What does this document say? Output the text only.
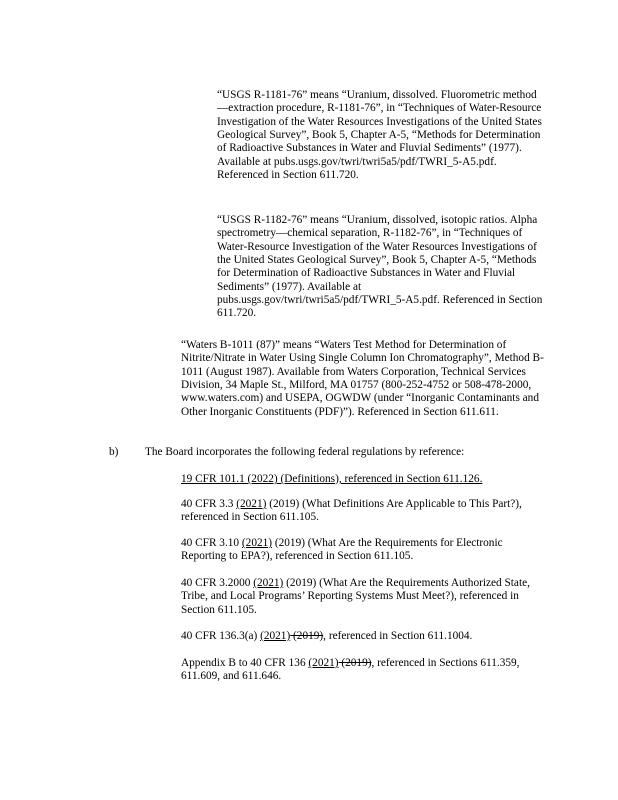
“USGS R-1181-76” means “Uranium, dissolved. Fluorometric method—extraction procedure, R-1181-76”, in “Techniques of Water-Resource Investigation of the Water Resources Investigations of the United States Geological Survey”, Book 5, Chapter A-5, “Methods for Determination of Radioactive Substances in Water and Fluvial Sediments” (1977). Available at pubs.usgs.gov/twri/twri5a5/pdf/TWRI_5-A5.pdf. Referenced in Section 611.720.

“USGS R-1182-76” means “Uranium, dissolved, isotopic ratios. Alpha spectrometry—chemical separation, R-1182-76”, in “Techniques of Water-Resource Investigation of the Water Resources Investigations of the United States Geological Survey”, Book 5, Chapter A-5, “Methods for Determination of Radioactive Substances in Water and Fluvial Sediments” (1977). Available at pubs.usgs.gov/twri/twri5a5/pdf/TWRI_5-A5.pdf. Referenced in Section 611.720.

“Waters B-1011 (87)” means “Waters Test Method for Determination of Nitrite/Nitrate in Water Using Single Column Ion Chromatography”, Method B-1011 (August 1987). Available from Waters Corporation, Technical Services Division, 34 Maple St., Milford, MA 01757 (800-252-4752 or 508-478-2000, www.waters.com) and USEPA, OGWDW (under “Inorganic Contaminants and Other Inorganic Constituents (PDF)”). Referenced in Section 611.611.

b) The Board incorporates the following federal regulations by reference:

19 CFR 101.1 (2022) (Definitions), referenced in Section 611.126.

40 CFR 3.3 (2021) (2019) (What Definitions Are Applicable to This Part?), referenced in Section 611.105.

40 CFR 3.10 (2021) (2019) (What Are the Requirements for Electronic Reporting to EPA?), referenced in Section 611.105.

40 CFR 3.2000 (2021) (2019) (What Are the Requirements Authorized State, Tribe, and Local Programs’ Reporting Systems Must Meet?), referenced in Section 611.105.

40 CFR 136.3(a) (2021) (2019), referenced in Section 611.1004.

Appendix B to 40 CFR 136 (2021) (2019), referenced in Sections 611.359, 611.609, and 611.646.
